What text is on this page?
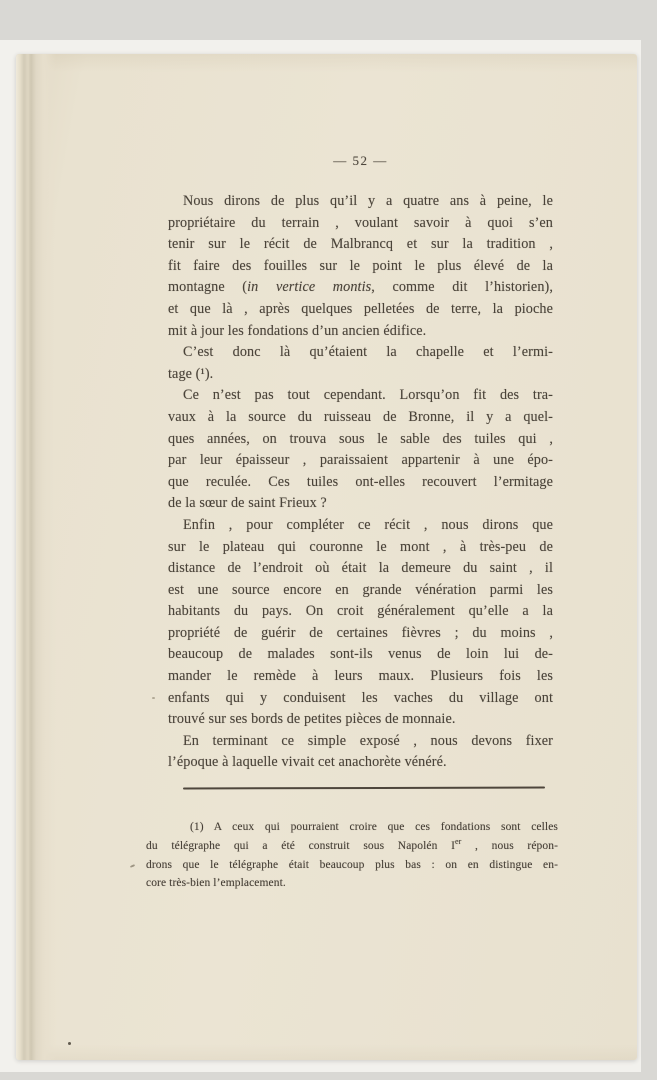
— 52 —
Nous dirons de plus qu’il y a quatre ans à peine, le
propriétaire du terrain , voulant savoir à quoi s’en
tenir sur le récit de Malbrancq et sur la tradition ,
fit faire des fouilles sur le point le plus élevé de la
montagne (in vertice montis, comme dit l’historien),
et que là , après quelques pelletées de terre, la pioche
mit à jour les fondations d’un ancien édifice.
C’est donc là qu’étaient la chapelle et l’ermi-
tage (¹).
Ce n’est pas tout cependant. Lorsqu’on fit des tra-
vaux à la source du ruisseau de Bronne, il y a quel-
ques années, on trouva sous le sable des tuiles qui ,
par leur épaisseur , paraissaient appartenir à une épo-
que reculée. Ces tuiles ont-elles recouvert l’ermitage
de la sœur de saint Frieux ?
Enfin , pour compléter ce récit , nous dirons que
sur le plateau qui couronne le mont , à très-peu de
distance de l’endroit où était la demeure du saint , il
est une source encore en grande vénération parmi les
habitants du pays. On croit généralement qu’elle a la
propriété de guérir de certaines fièvres ; du moins ,
beaucoup de malades sont-ils venus de loin lui de-
mander le remède à leurs maux. Plusieurs fois les
enfants qui y conduisent les vaches du village ont
trouvé sur ses bords de petites pièces de monnaie.
En terminant ce simple exposé , nous devons fixer
l’époque à laquelle vivait cet anachorète vénéré.
(1) A ceux qui pourraient croire que ces fondations sont celles
du télégraphe qui a été construit sous Napolén Ier , nous répon-
drons que le télégraphe était beaucoup plus bas : on en distingue en-
core très-bien l’emplacement.
